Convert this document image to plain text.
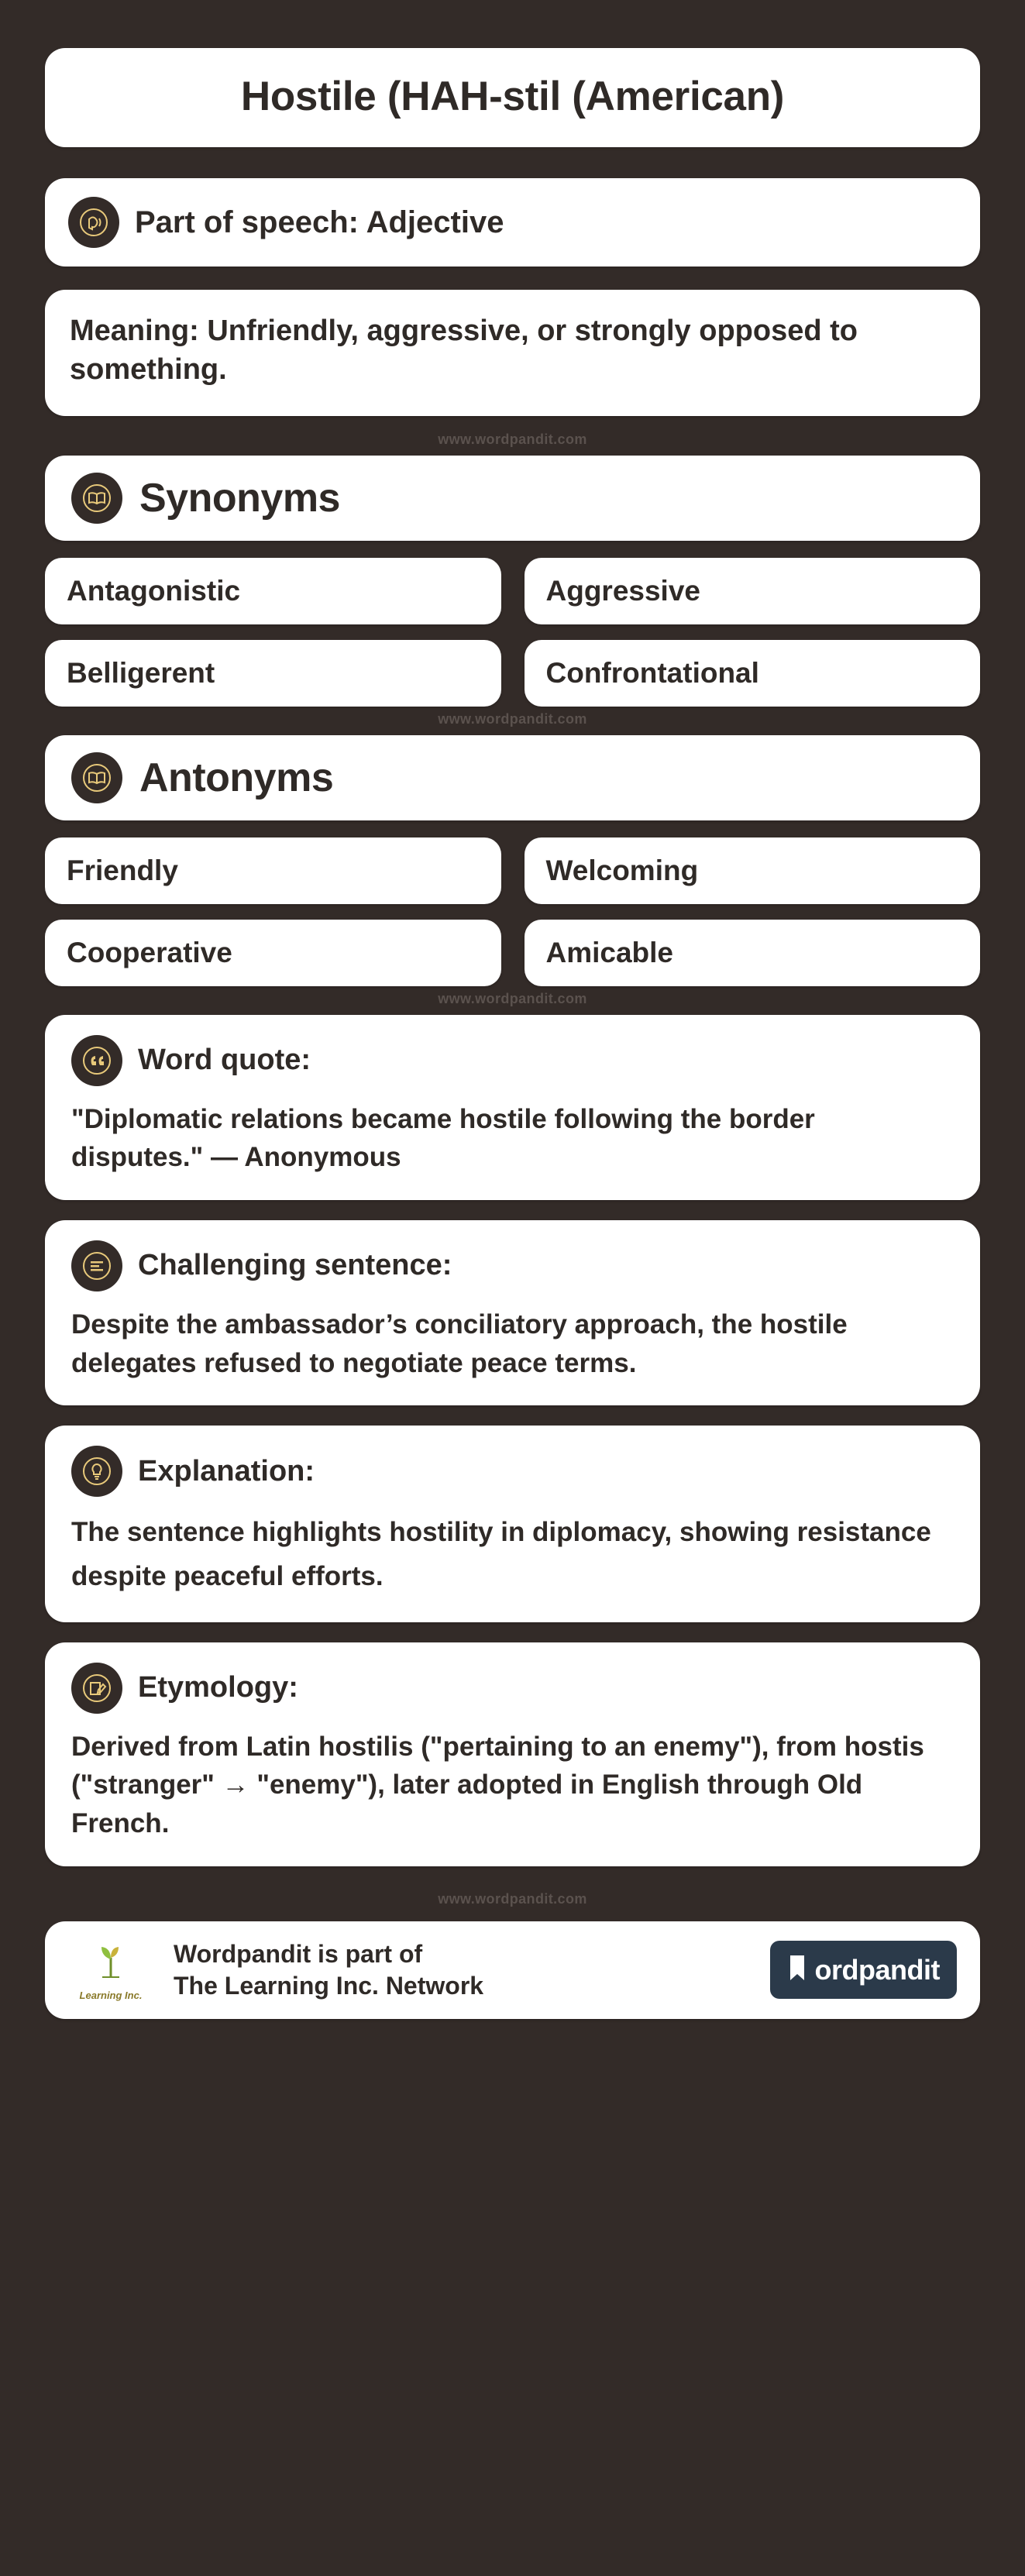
Hostile (HAH-stil (American)
Part of speech: Adjective
Meaning: Unfriendly, aggressive, or strongly opposed to something.
www.wordpandit.com
Synonyms
Antagonistic	Aggressive
Belligerent	Confrontational
www.wordpandit.com
Antonyms
Friendly	Welcoming
Cooperative	Amicable
www.wordpandit.com
Word quote:
"Diplomatic relations became hostile following the border disputes." — Anonymous
Challenging sentence:
Despite the ambassador’s conciliatory approach, the hostile delegates refused to negotiate peace terms.
Explanation:
The sentence highlights hostility in diplomacy, showing resistance despite peaceful efforts.
Etymology:
Derived from Latin hostilis ("pertaining to an enemy"), from hostis ("stranger" → "enemy"), later adopted in English through Old French.
www.wordpandit.com
Learning Inc.
Wordpandit is part of
The Learning Inc. Network	ordpandit
